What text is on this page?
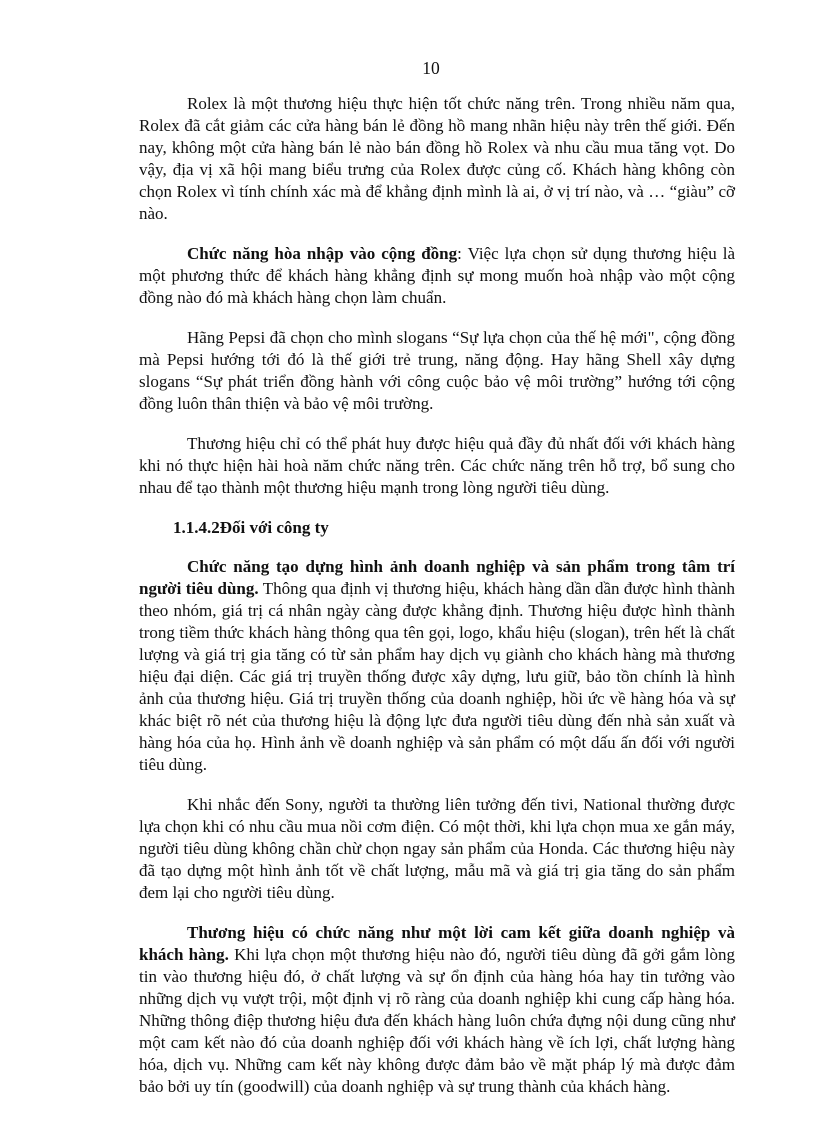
10

Rolex là một thương hiệu thực hiện tốt chức năng trên. Trong nhiều năm qua, Rolex đã cắt giảm các cửa hàng bán lẻ đồng hồ mang nhãn hiệu này trên thế giới. Đến nay, không một cửa hàng bán lẻ nào bán đồng hồ Rolex và nhu cầu mua tăng vọt. Do vậy, địa vị xã hội mang biểu trưng của Rolex được củng cố. Khách hàng không còn chọn Rolex vì tính chính xác mà để khẳng định mình là ai, ở vị trí nào, và … “giàu” cỡ nào.

Chức năng hòa nhập vào cộng đồng: Việc lựa chọn sử dụng thương hiệu là một phương thức để khách hàng khẳng định sự mong muốn hoà nhập vào một cộng đồng nào đó mà khách hàng chọn làm chuẩn.

Hãng Pepsi đã chọn cho mình slogans “Sự lựa chọn của thế hệ mới", cộng đồng mà Pepsi hướng tới đó là thế giới trẻ trung, năng động. Hay hãng Shell xây dựng slogans “Sự phát triển đồng hành với công cuộc bảo vệ môi trường” hướng tới cộng đồng luôn thân thiện và bảo vệ môi trường.

Thương hiệu chỉ có thể phát huy được hiệu quả đầy đủ nhất đối với khách hàng khi nó thực hiện hài hoà năm chức năng trên. Các chức năng trên hỗ trợ, bổ sung cho nhau để tạo thành một thương hiệu mạnh trong lòng người tiêu dùng.

1.1.4.2Đối với công ty

Chức năng tạo dựng hình ảnh doanh nghiệp và sản phẩm trong tâm trí người tiêu dùng. Thông qua định vị thương hiệu, khách hàng dần dần được hình thành theo nhóm, giá trị cá nhân ngày càng được khẳng định. Thương hiệu được hình thành trong tiềm thức khách hàng thông qua tên gọi, logo, khẩu hiệu (slogan), trên hết là chất lượng và giá trị gia tăng có từ sản phẩm hay dịch vụ giành cho khách hàng mà thương hiệu đại diện. Các giá trị truyền thống được xây dựng, lưu giữ, bảo tồn chính là hình ảnh của thương hiệu. Giá trị truyền thống của doanh nghiệp, hồi ức về hàng hóa và sự khác biệt rõ nét của thương hiệu là động lực đưa người tiêu dùng đến nhà sản xuất và hàng hóa của họ. Hình ảnh về doanh nghiệp và sản phẩm có một dấu ấn đối với người tiêu dùng.

Khi nhắc đến Sony, người ta thường liên tưởng đến tivi, National thường được lựa chọn khi có nhu cầu mua nồi cơm điện. Có một thời, khi lựa chọn mua xe gắn máy, người tiêu dùng không chần chừ chọn ngay sản phẩm của Honda. Các thương hiệu này đã tạo dựng một hình ảnh tốt về chất lượng, mẫu mã và giá trị gia tăng do sản phẩm đem lại cho người tiêu dùng.

Thương hiệu có chức năng như một lời cam kết giữa doanh nghiệp và khách hàng. Khi lựa chọn một thương hiệu nào đó, người tiêu dùng đã gởi gắm lòng tin vào thương hiệu đó, ở chất lượng và sự ổn định của hàng hóa hay tin tưởng vào những dịch vụ vượt trội, một định vị rõ ràng của doanh nghiệp khi cung cấp hàng hóa. Những thông điệp thương hiệu đưa đến khách hàng luôn chứa đựng nội dung cũng như một cam kết nào đó của doanh nghiệp đối với khách hàng về ích lợi, chất lượng hàng hóa, dịch vụ. Những cam kết này không được đảm bảo về mặt pháp lý mà được đảm bảo bởi uy tín (goodwill) của doanh nghiệp và sự trung thành của khách hàng.
